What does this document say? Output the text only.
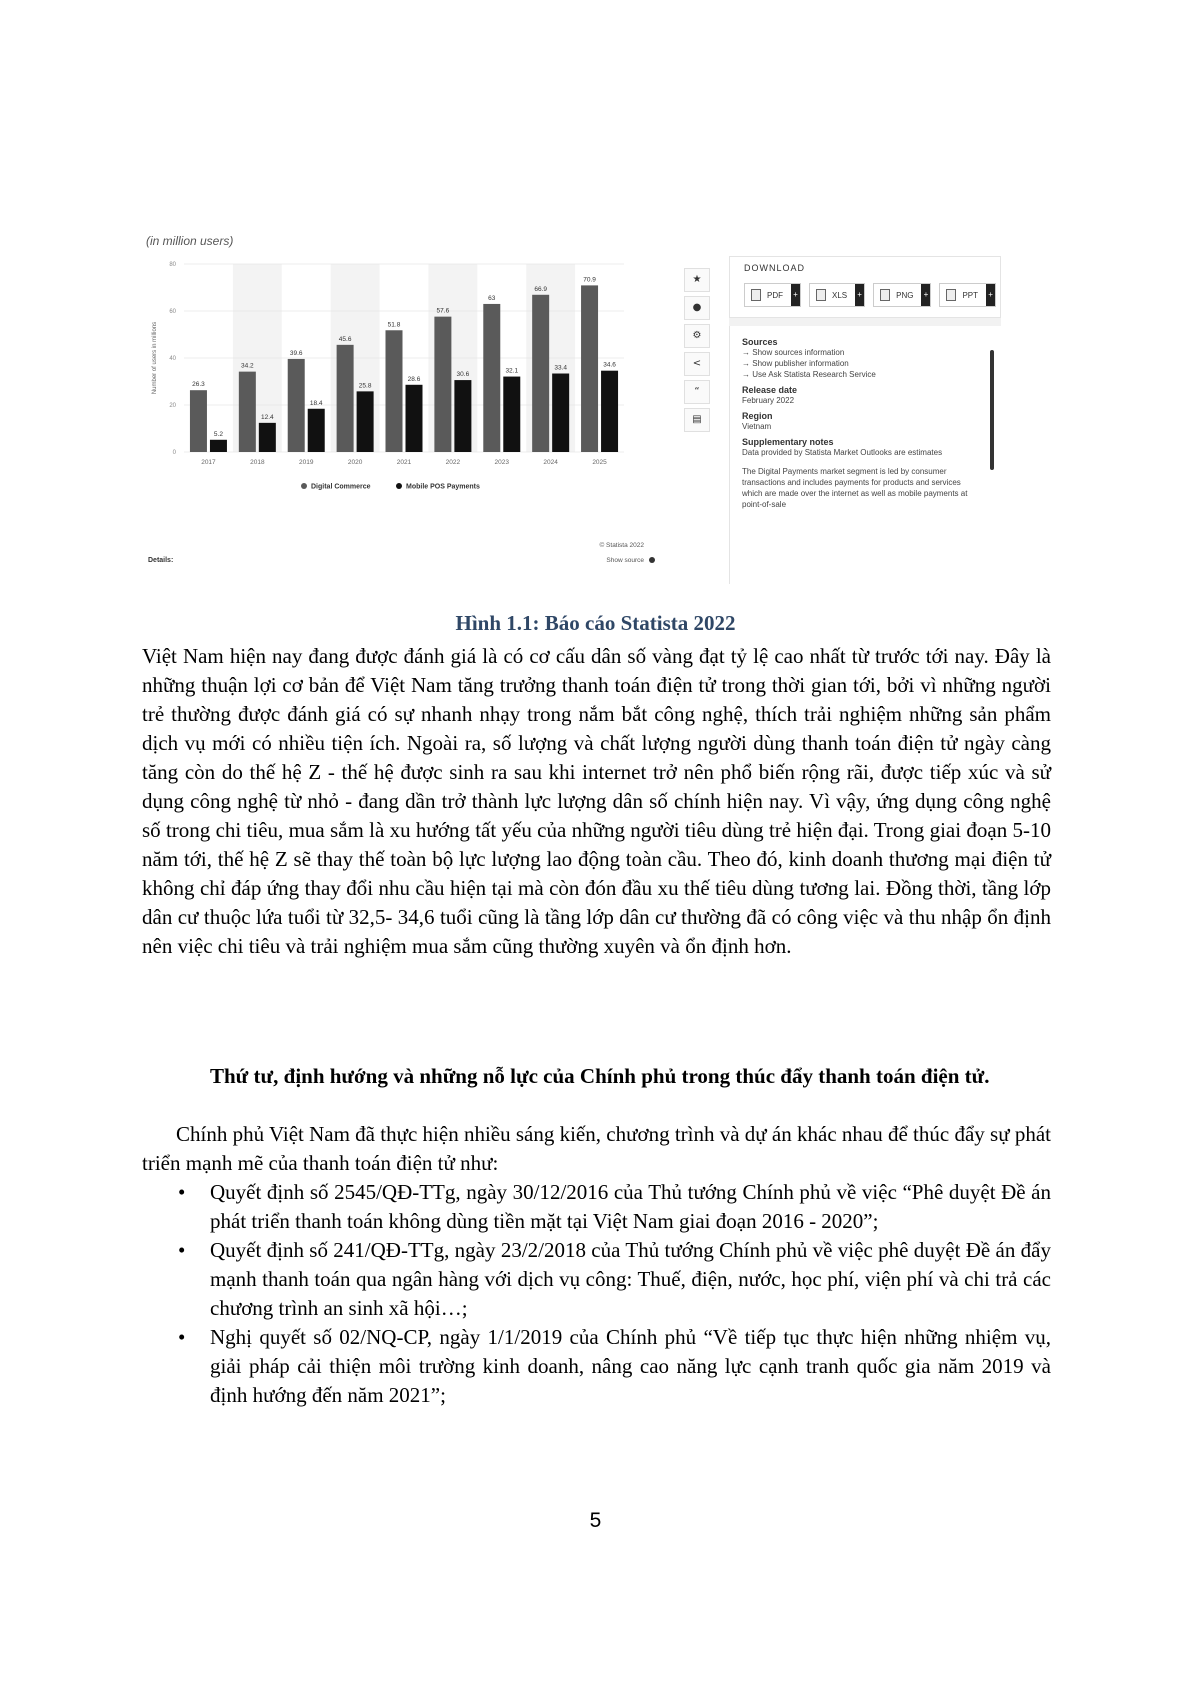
(in million users)
0
20
40
60
80
Number of users in millions	26.3
5.2
2017
34.2
12.4
2018
39.6
18.4
2019
45.6
25.8
2020
51.8
28.6
2021
57.6
30.6
2022
63
32.1
2023
66.9
33.4
2024
70.9
34.6
2025
Digital Commerce	Mobile POS Payments
Details:
© Statista 2022
Show source
★
●
⚙
<
“
▤
DOWNLOAD
PDF	+	XLS	+	PNG	+	PPT	+
Sources
→ Show sources information
→ Show publisher information
→ Use Ask Statista Research Service
Release date
February 2022
Region
Vietnam
Supplementary notes
Data provided by Statista Market Outlooks are estimates
The Digital Payments market segment is led by consumer transactions and includes payments for products and services which are made over the internet as well as mobile payments at point-of-sale
Hình 1.1: Báo cáo Statista 2022

Việt Nam hiện nay đang được đánh giá là có cơ cấu dân số vàng đạt tỷ lệ cao nhất từ trước tới nay. Đây là những thuận lợi cơ bản để Việt Nam tăng trưởng thanh toán điện tử trong thời gian tới, bởi vì những người trẻ thường được đánh giá có sự nhanh nhạy trong nắm bắt công nghệ, thích trải nghiệm những sản phẩm dịch vụ mới có nhiều tiện ích. Ngoài ra, số lượng và chất lượng người dùng thanh toán điện tử ngày càng tăng còn do thế hệ Z - thế hệ được sinh ra sau khi internet trở nên phổ biến rộng rãi, được tiếp xúc và sử dụng công nghệ từ nhỏ - đang dần trở thành lực lượng dân số chính hiện nay. Vì vậy, ứng dụng công nghệ số trong chi tiêu, mua sắm là xu hướng tất yếu của những người tiêu dùng trẻ hiện đại. Trong giai đoạn 5-10 năm tới, thế hệ Z sẽ thay thế toàn bộ lực lượng lao động toàn cầu. Theo đó, kinh doanh thương mại điện tử không chỉ đáp ứng thay đổi nhu cầu hiện tại mà còn đón đầu xu thế tiêu dùng tương lai. Đồng thời, tầng lớp dân cư thuộc lứa tuổi từ 32,5- 34,6 tuổi cũng là tầng lớp dân cư thường đã có công việc và thu nhập ổn định nên việc chi tiêu và trải nghiệm mua sắm cũng thường xuyên và ổn định hơn.

Thứ tư, định hướng và những nỗ lực của Chính phủ trong thúc đẩy thanh toán điện tử.

Chính phủ Việt Nam đã thực hiện nhiều sáng kiến, chương trình và dự án khác nhau để thúc đẩy sự phát triển mạnh mẽ của thanh toán điện tử như:

• Quyết định số 2545/QĐ-TTg, ngày 30/12/2016 của Thủ tướng Chính phủ về việc “Phê duyệt Đề án phát triển thanh toán không dùng tiền mặt tại Việt Nam giai đoạn 2016 - 2020”;
• Quyết định số 241/QĐ-TTg, ngày 23/2/2018 của Thủ tướng Chính phủ về việc phê duyệt Đề án đẩy mạnh thanh toán qua ngân hàng với dịch vụ công: Thuế, điện, nước, học phí, viện phí và chi trả các chương trình an sinh xã hội…;
• Nghị quyết số 02/NQ-CP, ngày 1/1/2019 của Chính phủ “Về tiếp tục thực hiện những nhiệm vụ, giải pháp cải thiện môi trường kinh doanh, nâng cao năng lực cạnh tranh quốc gia năm 2019 và định hướng đến năm 2021”;
5
